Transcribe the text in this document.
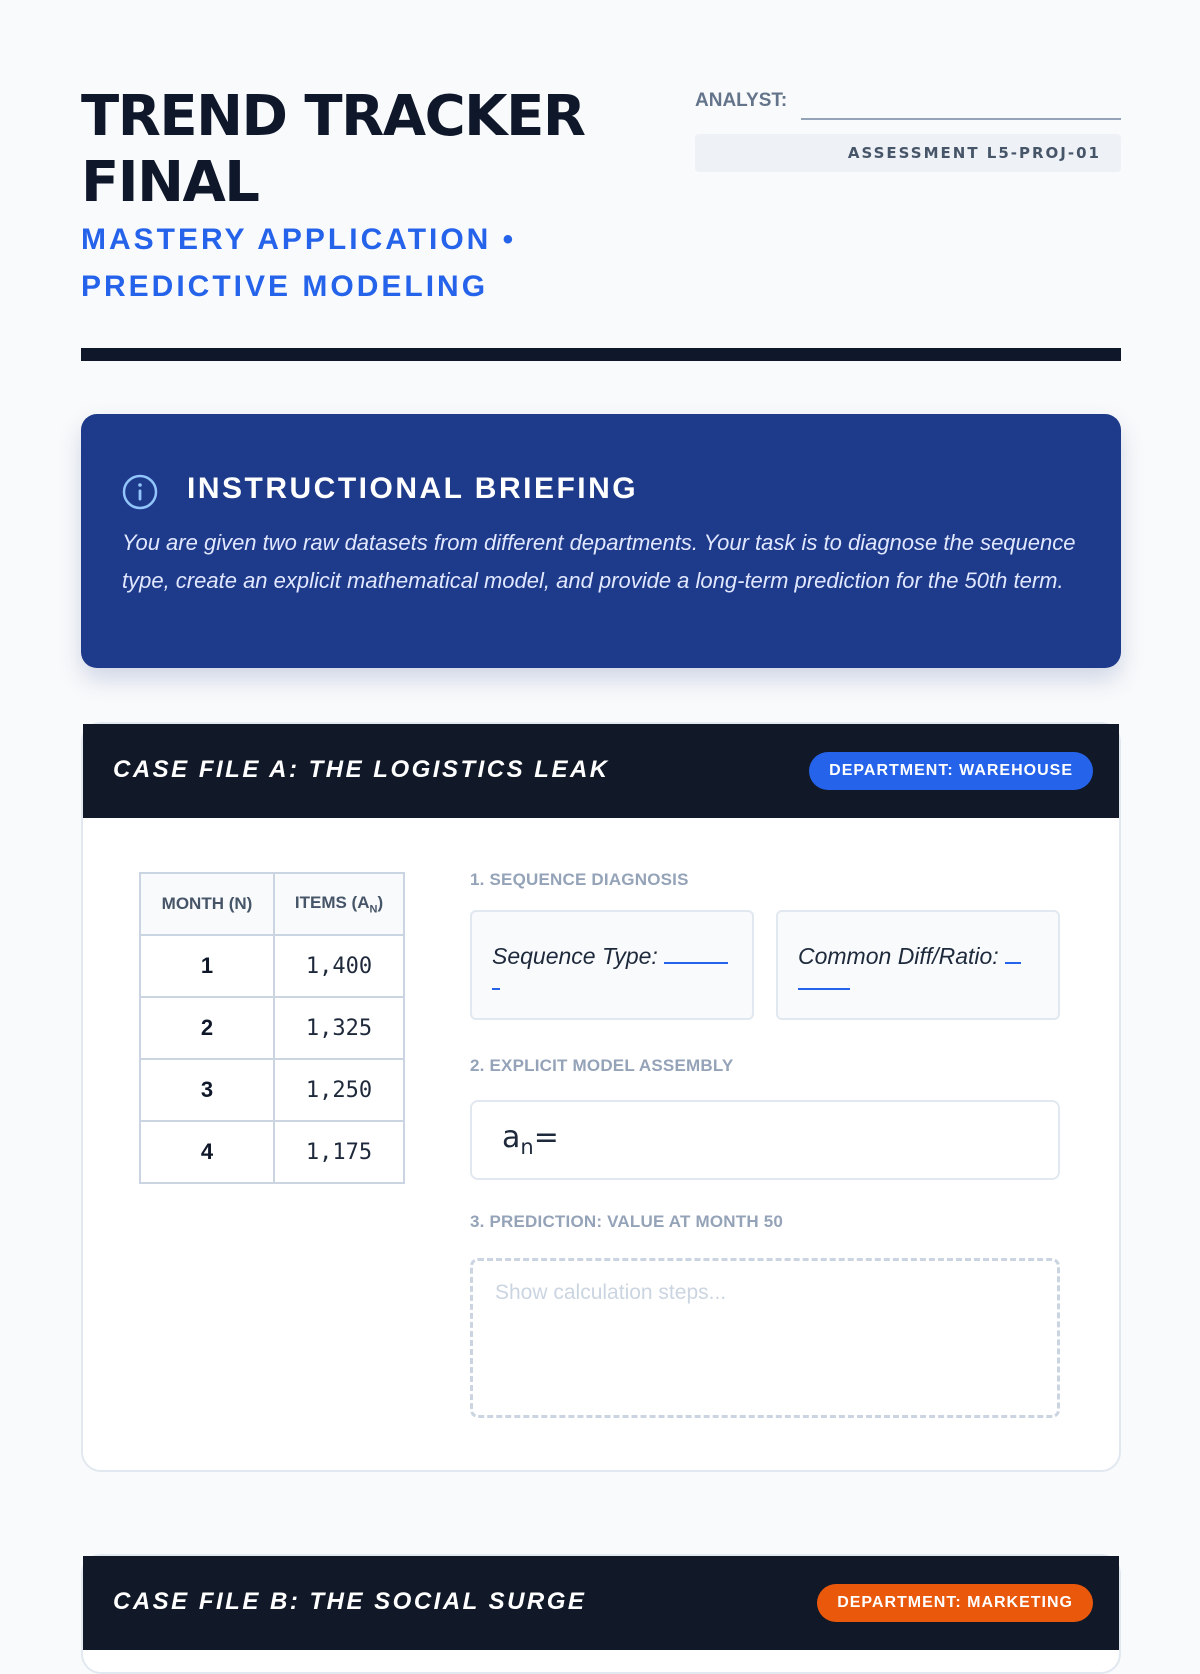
TREND TRACKER FINAL
MASTERY APPLICATION • PREDICTIVE MODELING
ANALYST:
ASSESSMENT L5-PROJ-01
INSTRUCTIONAL BRIEFING

You are given two raw datasets from different departments. Your task is to diagnose the sequence type, create an explicit mathematical model, and provide a long-term prediction for the 50th term.

CASE FILE A: THE LOGISTICS LEAK	DEPARTMENT: WAREHOUSE
MONTH (N)	ITEMS $(A_N)$
1	1,400
2	1,325
3	1,250
4	1,175
1. SEQUENCE DIAGNOSIS
Sequence Type:	Common Diff/Ratio:
2. EXPLICIT MODEL ASSEMBLY
$a_n=$
3. PREDICTION: VALUE AT MONTH 50
Show calculation steps...
CASE FILE B: THE SOCIAL SURGE	DEPARTMENT: MARKETING
